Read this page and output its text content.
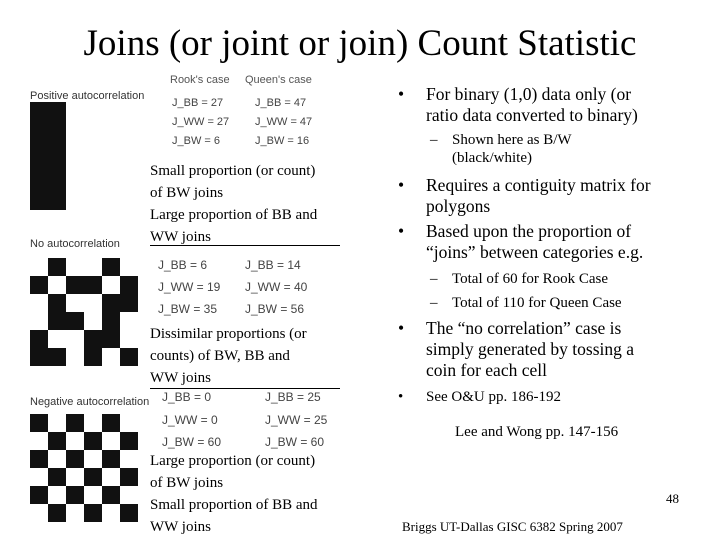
Joins (or joint or join) Count Statistic
Positive autocorrelation
Rook's case Queen's case
J_BB = 27
J_WW = 27
J_BW = 6
J_BB = 47
J_WW = 47
J_BW = 16
Small proportion (or count)
of BW joins
Large proportion of BB and
WW joins
No autocorrelation
J_BB = 6
J_WW = 19
J_BW = 35
J_BB = 14
J_WW = 40
J_BW = 56
Dissimilar proportions (or
counts) of BW, BB and
WW joins
Negative autocorrelation J_BB = 0
J_WW = 0
J_BW = 60
J_BB = 25
J_WW = 25
J_BW = 60
Large proportion (or count)
of BW joins
Small proportion of BB and
WW joins
• For binary (1,0) data only (or
ratio data converted to binary)
– Shown here as B/W
(black/white)
• Requires a contiguity matrix for
polygons
• Based upon the proportion of
“joins” between categories e.g.
– Total of 60 for Rook Case
– Total of 110 for Queen Case
• The “no correlation” case is
simply generated by tossing a
coin for each cell
• See O&U pp. 186-192
Lee and Wong pp. 147-156
48
Briggs UT-Dallas GISC 6382 Spring 2007
